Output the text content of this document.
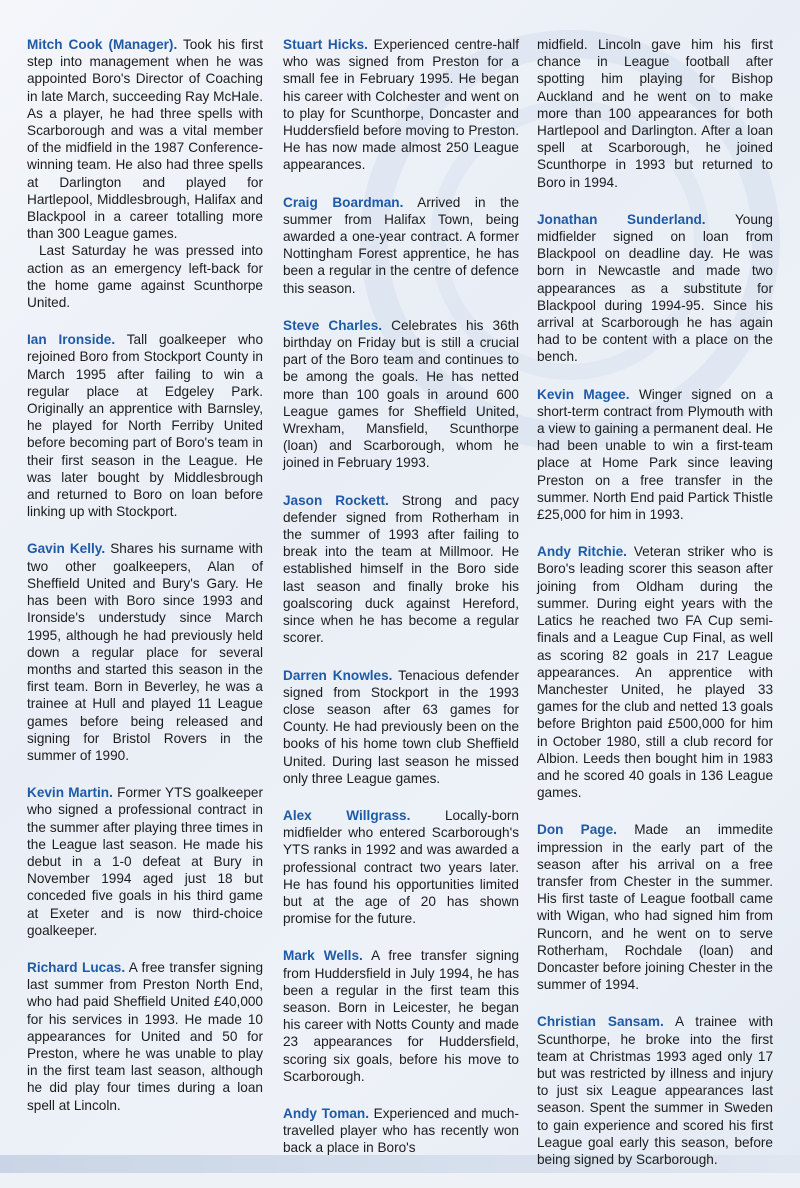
Mitch Cook (Manager). Took his first step into management when he was appointed Boro's Director of Coaching in late March, succeeding Ray McHale. As a player, he had three spells with Scarborough and was a vital member of the midfield in the 1987 Conference-winning team. He also had three spells at Darlington and played for Hartlepool, Middlesbrough, Halifax and Blackpool in a career totalling more than 300 League games.

Last Saturday he was pressed into action as an emergency left-back for the home game against Scunthorpe United.

Ian Ironside. Tall goalkeeper who rejoined Boro from Stockport County in March 1995 after failing to win a regular place at Edgeley Park. Originally an apprentice with Barnsley, he played for North Ferriby United before becoming part of Boro's team in their first season in the League. He was later bought by Middlesbrough and returned to Boro on loan before linking up with Stockport.

Gavin Kelly. Shares his surname with two other goalkeepers, Alan of Sheffield United and Bury's Gary. He has been with Boro since 1993 and Ironside's understudy since March 1995, although he had previously held down a regular place for several months and started this season in the first team. Born in Beverley, he was a trainee at Hull and played 11 League games before being released and signing for Bristol Rovers in the summer of 1990.

Kevin Martin. Former YTS goalkeeper who signed a professional contract in the summer after playing three times in the League last season. He made his debut in a 1-0 defeat at Bury in November 1994 aged just 18 but conceded five goals in his third game at Exeter and is now third-choice goalkeeper.

Richard Lucas. A free transfer signing last summer from Preston North End, who had paid Sheffield United £40,000 for his services in 1993. He made 10 appearances for United and 50 for Preston, where he was unable to play in the first team last season, although he did play four times during a loan spell at Lincoln.

Stuart Hicks. Experienced centre-half who was signed from Preston for a small fee in February 1995. He began his career with Colchester and went on to play for Scunthorpe, Doncaster and Huddersfield before moving to Preston. He has now made almost 250 League appearances.

Craig Boardman. Arrived in the summer from Halifax Town, being awarded a one-year contract. A former Nottingham Forest apprentice, he has been a regular in the centre of defence this season.

Steve Charles. Celebrates his 36th birthday on Friday but is still a crucial part of the Boro team and continues to be among the goals. He has netted more than 100 goals in around 600 League games for Sheffield United, Wrexham, Mansfield, Scunthorpe (loan) and Scarborough, whom he joined in February 1993.

Jason Rockett. Strong and pacy defender signed from Rotherham in the summer of 1993 after failing to break into the team at Millmoor. He established himself in the Boro side last season and finally broke his goalscoring duck against Hereford, since when he has become a regular scorer.

Darren Knowles. Tenacious defender signed from Stockport in the 1993 close season after 63 games for County. He had previously been on the books of his home town club Sheffield United. During last season he missed only three League games.

Alex Willgrass.	Locally-born midfielder who entered Scarborough's YTS ranks in 1992 and was awarded a professional contract two years later. He has found his opportunities limited but at the age of 20 has shown promise for the future.

Mark Wells. A free transfer signing from Huddersfield in July 1994, he has been a regular in the first team this season. Born in Leicester, he began his career with Notts County and made 23 appearances for Huddersfield, scoring six goals, before his move to Scarborough.

Andy Toman. Experienced and much-travelled player who has recently won back a place in Boro's

midfield. Lincoln gave him his first chance in League football after spotting him playing for Bishop Auckland and he went on to make more than 100 appearances for both Hartlepool and Darlington. After a loan spell at Scarborough, he joined Scunthorpe in 1993 but returned to Boro in 1994.

Jonathan Sunderland. Young midfielder signed on loan from Blackpool on deadline day. He was born in Newcastle and made two appearances as a substitute for Blackpool during 1994-95. Since his arrival at Scarborough he has again had to be content with a place on the bench.

Kevin Magee. Winger signed on a short-term contract from Plymouth with a view to gaining a permanent deal. He had been unable to win a first-team place at Home Park since leaving Preston on a free transfer in the summer. North End paid Partick Thistle £25,000 for him in 1993.

Andy Ritchie. Veteran striker who is Boro's leading scorer this season after joining from Oldham during the summer. During eight years with the Latics he reached two FA Cup semi-finals and a League Cup Final, as well as scoring 82 goals in 217 League appearances. An apprentice with Manchester United, he played 33 games for the club and netted 13 goals before Brighton paid £500,000 for him in October 1980, still a club record for Albion. Leeds then bought him in 1983 and he scored 40 goals in 136 League games.

Don Page. Made an immedite impression in the early part of the season after his arrival on a free transfer from Chester in the summer. His first taste of League football came with Wigan, who had signed him from Runcorn, and he went on to serve Rotherham, Rochdale (loan) and Doncaster before joining Chester in the summer of 1994.

Christian Sansam. A trainee with Scunthorpe, he broke into the first team at Christmas 1993 aged only 17 but was restricted by illness and injury to just six League appearances last season. Spent the summer in Sweden to gain experience and scored his first League goal early this season, before being signed by Scarborough.
